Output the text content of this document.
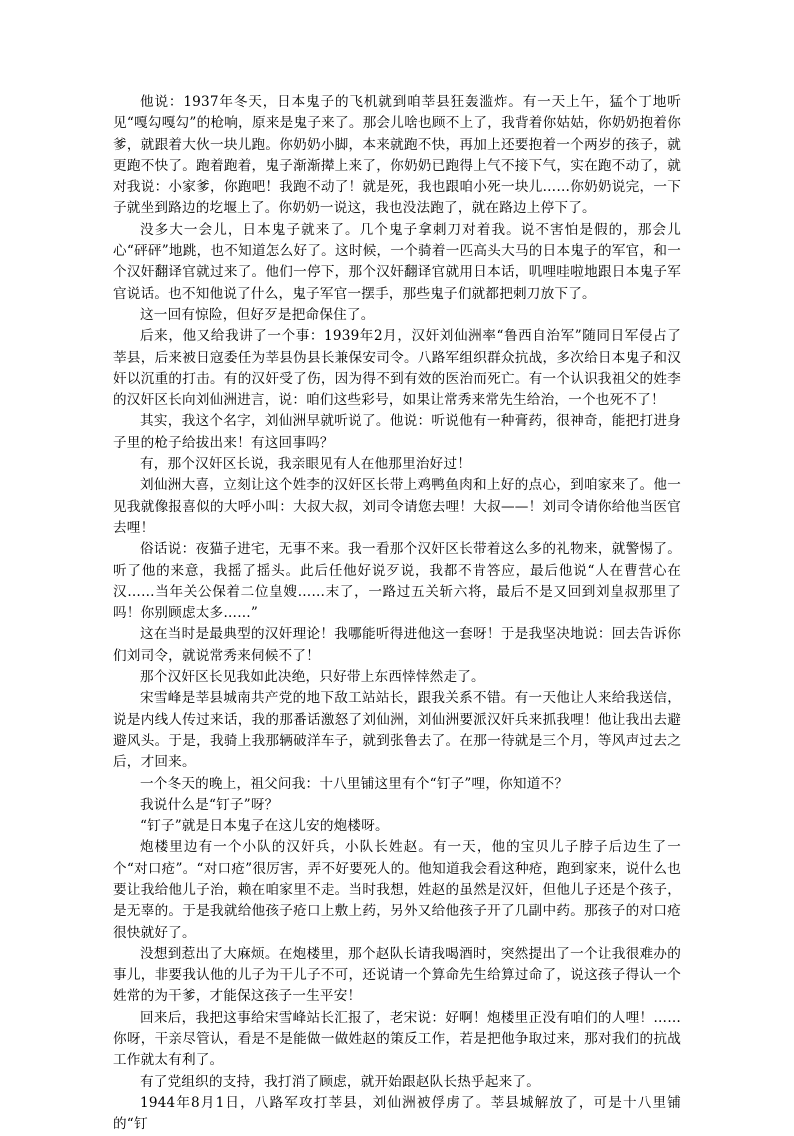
他说：1937年冬天，日本鬼子的飞机就到咱莘县狂轰滥炸。有一天上午，猛个丁地听见“嘎勾嘎勾”的枪响，原来是鬼子来了。那会儿啥也顾不上了，我背着你姑姑，你奶奶抱着你爹，就跟着大伙一块儿跑。你奶奶小脚，本来就跑不快，再加上还要抱着一个两岁的孩子，就更跑不快了。跑着跑着，鬼子渐渐撵上来了，你奶奶已跑得上气不接下气，实在跑不动了，就对我说：小家爹，你跑吧！我跑不动了！就是死，我也跟咱小死一块儿……你奶奶说完，一下子就坐到路边的圪堰上了。你奶奶一说这，我也没法跑了，就在路边上停下了。

没多大一会儿，日本鬼子就来了。几个鬼子拿刺刀对着我。说不害怕是假的，那会儿心“砰砰”地跳，也不知道怎么好了。这时候，一个骑着一匹高头大马的日本鬼子的军官，和一个汉奸翻译官就过来了。他们一停下，那个汉奸翻译官就用日本话，叽哩哇啦地跟日本鬼子军官说话。也不知他说了什么，鬼子军官一摆手，那些鬼子们就都把刺刀放下了。

这一回有惊险，但好歹是把命保住了。

后来，他又给我讲了一个事：1939年2月，汉奸刘仙洲率“鲁西自治军”随同日军侵占了莘县，后来被日寇委任为莘县伪县长兼保安司令。八路军组织群众抗战，多次给日本鬼子和汉奸以沉重的打击。有的汉奸受了伤，因为得不到有效的医治而死亡。有一个认识我祖父的姓李的汉奸区长向刘仙洲进言，说：咱们这些彩号，如果让常秀来常先生给治，一个也死不了！

其实，我这个名字，刘仙洲早就听说了。他说：听说他有一种膏药，很神奇，能把打进身子里的枪子给拔出来！有这回事吗？

有，那个汉奸区长说，我亲眼见有人在他那里治好过！

刘仙洲大喜，立刻让这个姓李的汉奸区长带上鸡鸭鱼肉和上好的点心，到咱家来了。他一见我就像报喜似的大呼小叫：大叔大叔，刘司令请您去哩！大叔——！刘司令请你给他当医官去哩！

俗话说：夜猫子进宅，无事不来。我一看那个汉奸区长带着这么多的礼物来，就警惕了。听了他的来意，我摇了摇头。此后任他好说歹说，我都不肯答应，最后他说“人在曹营心在汉……当年关公保着二位皇嫂……末了，一路过五关斩六将，最后不是又回到刘皇叔那里了吗！你别顾虑太多……”

这在当时是最典型的汉奸理论！我哪能听得进他这一套呀！于是我坚决地说：回去告诉你们刘司令，就说常秀来伺候不了！

那个汉奸区长见我如此决绝，只好带上东西悻悻然走了。

宋雪峰是莘县城南共产党的地下敌工站站长，跟我关系不错。有一天他让人来给我送信，说是内线人传过来话，我的那番话激怒了刘仙洲，刘仙洲要派汉奸兵来抓我哩！他让我出去避避风头。于是，我骑上我那辆破洋车子，就到张鲁去了。在那一待就是三个月，等风声过去之后，才回来。

一个冬天的晚上，祖父问我：十八里铺这里有个“钉子”哩，你知道不？

我说什么是“钉子”呀？

“钉子”就是日本鬼子在这儿安的炮楼呀。

炮楼里边有一个小队的汉奸兵，小队长姓赵。有一天，他的宝贝儿子脖子后边生了一个“对口疮”。“对口疮”很厉害，弄不好要死人的。他知道我会看这种疮，跑到家来，说什么也要让我给他儿子治，赖在咱家里不走。当时我想，姓赵的虽然是汉奸，但他儿子还是个孩子，是无辜的。于是我就给他孩子疮口上敷上药，另外又给他孩子开了几副中药。那孩子的对口疮很快就好了。

没想到惹出了大麻烦。在炮楼里，那个赵队长请我喝酒时，突然提出了一个让我很难办的事儿，非要我认他的儿子为干儿子不可，还说请一个算命先生给算过命了，说这孩子得认一个姓常的为干爹，才能保这孩子一生平安！

回来后，我把这事给宋雪峰站长汇报了，老宋说：好啊！炮楼里正没有咱们的人哩！……你呀，干亲尽管认，看是不是能做一做姓赵的策反工作，若是把他争取过来，那对我们的抗战工作就太有利了。

有了党组织的支持，我打消了顾虑，就开始跟赵队长热乎起来了。

1944年8月1日，八路军攻打莘县，刘仙洲被俘虏了。莘县城解放了，可是十八里铺的“钉
